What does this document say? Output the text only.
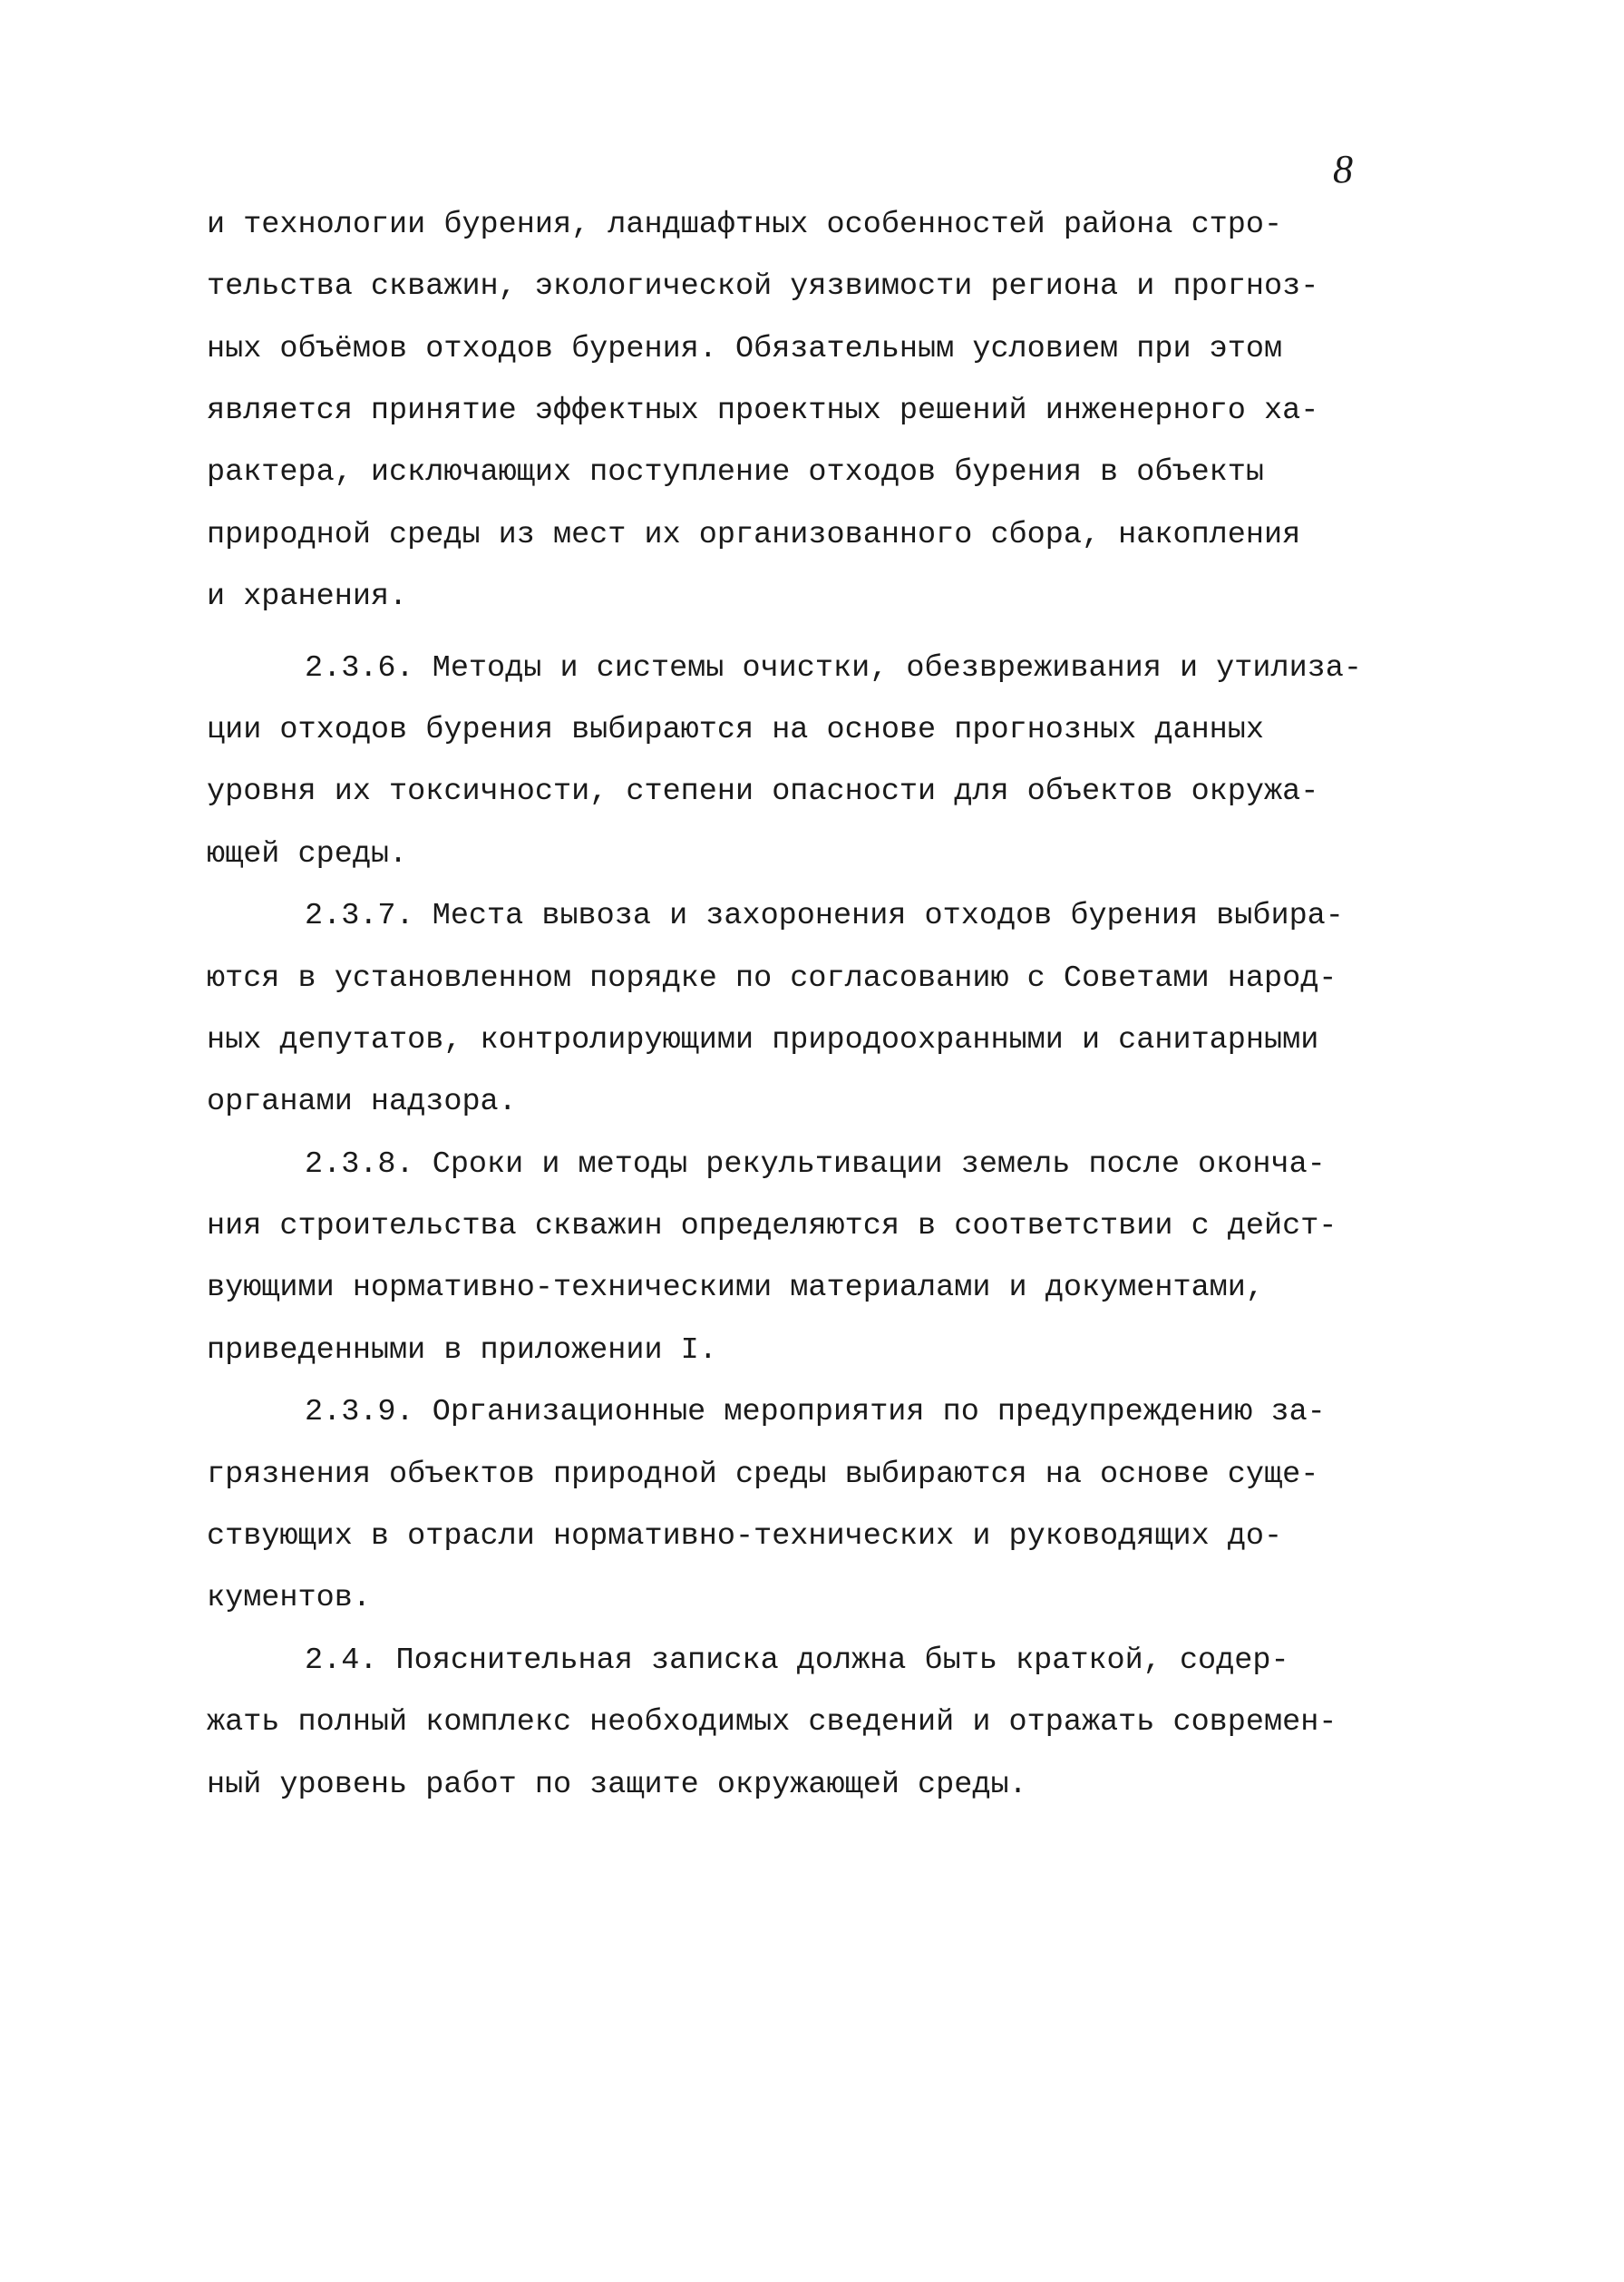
8
и технологии бурения, ландшафтных особенностей района стро-
тельства скважин, экологической уязвимости региона и прогноз-
ных объёмов отходов бурения. Обязательным условием при этом
является принятие эффектных проектных решений инженерного ха-
рактера, исключающих поступление отходов бурения в объекты
природной среды из мест их организованного сбора, накопления
и хранения.
2.3.6. Методы и системы очистки, обезвреживания и утилиза-
ции отходов бурения выбираются на основе прогнозных данных
уровня их токсичности, степени опасности для объектов окружа-
ющей среды.
2.3.7. Места вывоза и захоронения отходов бурения выбира-
ются в установленном порядке по согласованию с Советами народ-
ных депутатов, контролирующими природоохранными и санитарными
органами надзора.
2.3.8. Сроки и методы рекультивации земель после оконча-
ния строительства скважин определяются в соответствии с дейст-
вующими нормативно-техническими материалами и документами,
приведенными в приложении I.
2.3.9. Организационные мероприятия по предупреждению за-
грязнения объектов природной среды выбираются на основе суще-
ствующих в отрасли нормативно-технических и руководящих до-
кументов.
2.4. Пояснительная записка должна быть краткой, содер-
жать полный комплекс необходимых сведений и отражать современ-
ный уровень работ по защите окружающей среды.
